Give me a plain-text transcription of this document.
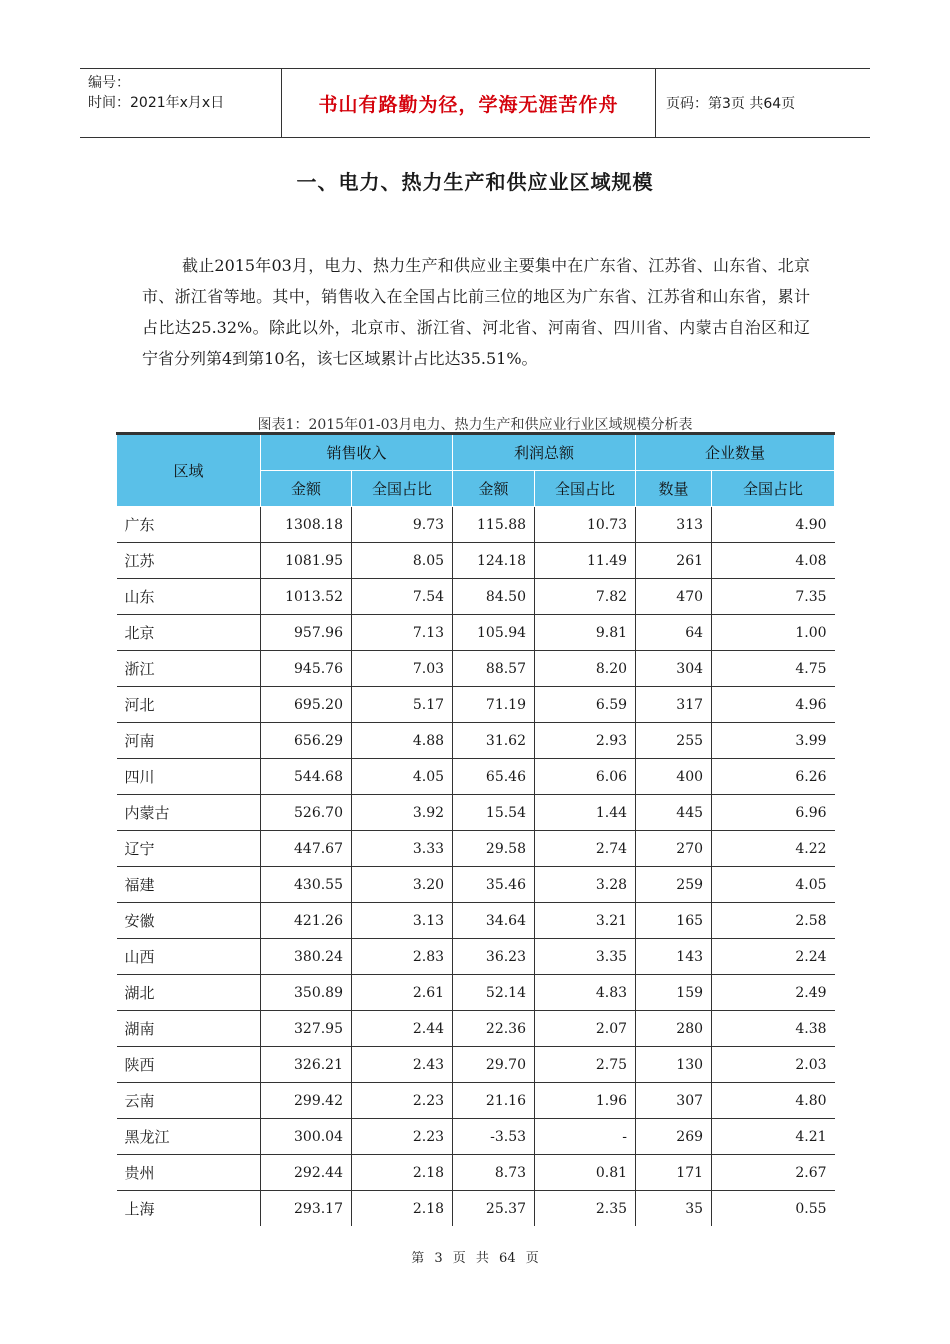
编号：
时间：2021年x月x日	书山有路勤为径，学海无涯苦作舟	页码：第3页 共64页
一、电力、热力生产和供应业区域规模

截止2015年03月，电力、热力生产和供应业主要集中在广东省、江苏省、山东省、北京市、浙江省等地。其中，销售收入在全国占比前三位的地区为广东省、江苏省和山东省，累计占比达25.32%。除此以外，北京市、浙江省、河北省、河南省、四川省、内蒙古自治区和辽宁省分列第4到第10名，该七区域累计占比达35.51%。

图表1：2015年01-03月电力、热力生产和供应业行业区域规模分析表
区域	销售收入		利润总额		企业数量	
	金额	全国占比	金额	全国占比	数量	全国占比
广东	1308.18	9.73	115.88	10.73	313	4.90
江苏	1081.95	8.05	124.18	11.49	261	4.08
山东	1013.52	7.54	84.50	7.82	470	7.35
北京	957.96	7.13	105.94	9.81	64	1.00
浙江	945.76	7.03	88.57	8.20	304	4.75
河北	695.20	5.17	71.19	6.59	317	4.96
河南	656.29	4.88	31.62	2.93	255	3.99
四川	544.68	4.05	65.46	6.06	400	6.26
内蒙古	526.70	3.92	15.54	1.44	445	6.96
辽宁	447.67	3.33	29.58	2.74	270	4.22
福建	430.55	3.20	35.46	3.28	259	4.05
安徽	421.26	3.13	34.64	3.21	165	2.58
山西	380.24	2.83	36.23	3.35	143	2.24
湖北	350.89	2.61	52.14	4.83	159	2.49
湖南	327.95	2.44	22.36	2.07	280	4.38
陕西	326.21	2.43	29.70	2.75	130	2.03
云南	299.42	2.23	21.16	1.96	307	4.80
黑龙江	300.04	2.23	-3.53	-	269	4.21
贵州	292.44	2.18	8.73	0.81	171	2.67
上海	293.17	2.18	25.37	2.35	35	0.55
第 3 页 共 64 页
